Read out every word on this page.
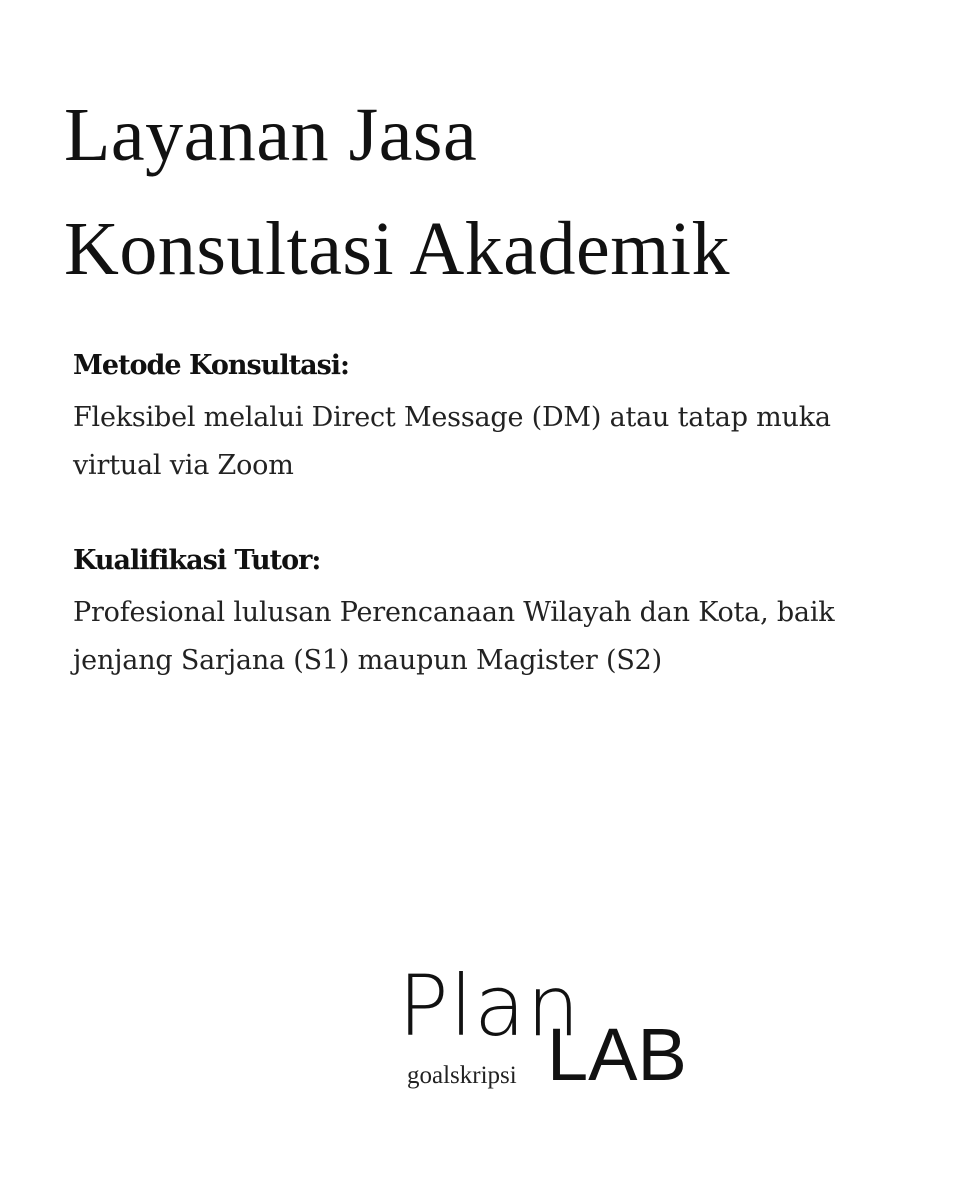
Layanan Jasa
Konsultasi Akademik
Metode Konsultasi:
Fleksibel melalui Direct Message (DM) atau tatap muka virtual via Zoom
Kualifikasi Tutor:
Profesional lulusan Perencanaan Wilayah dan Kota, baik jenjang Sarjana (S1) maupun Magister (S2)
Plan
LAB
goalskripsi
